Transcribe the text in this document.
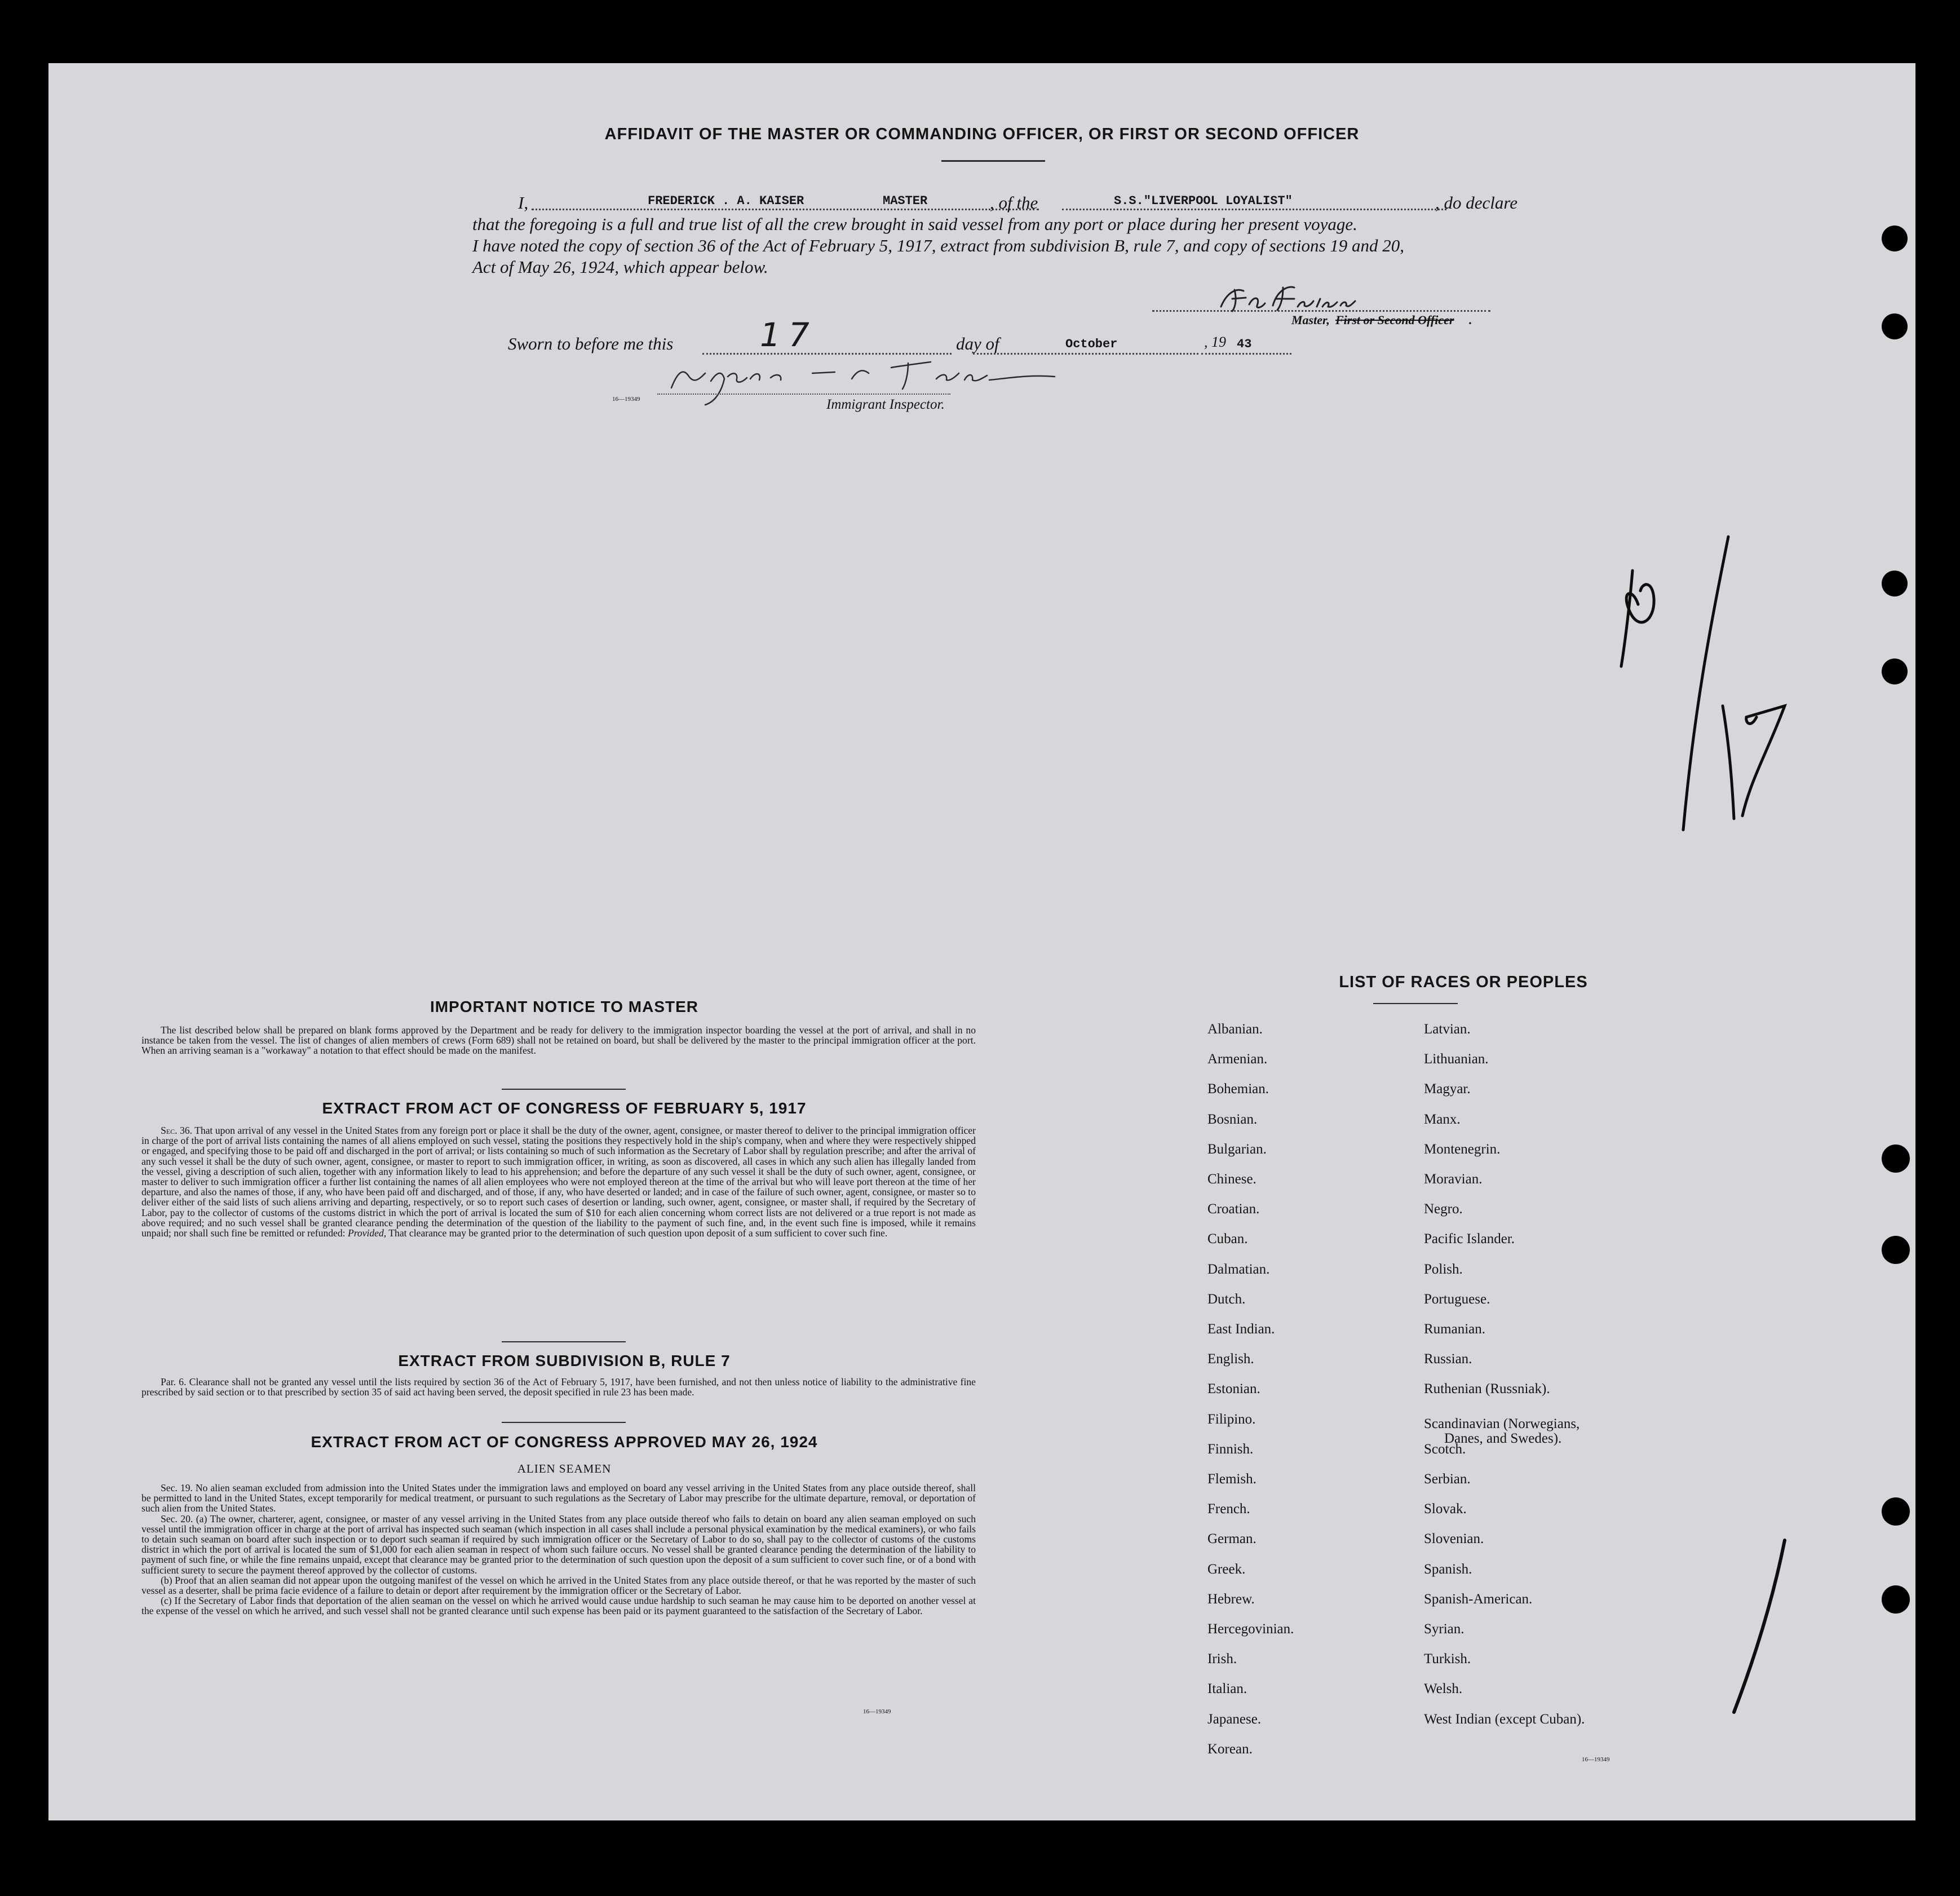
AFFIDAVIT OF THE MASTER OR COMMANDING OFFICER, OR FIRST OR SECOND OFFICER
I,	FREDERICK . A. KAISER	MASTER	, of the	S.S."LIVERPOOL LOYALIST"	, do declare
that the foregoing is a full and true list of all the crew brought in said vessel from any port or place during her present voyage.
I have noted the copy of section 36 of the Act of February 5, 1917, extract from subdivision B, rule 7, and copy of sections 19 and 20,
Act of May 26, 1924, which appear below.
Master, First or Second Officer .
Sworn to before me this	17	day of	October	, 19 43
16—19349	Immigrant Inspector.
IMPORTANT NOTICE TO MASTER

The list described below shall be prepared on blank forms approved by the Department and be ready for delivery to the immigration inspector boarding the vessel at the port of arrival, and shall in no instance be taken from the vessel. The list of changes of alien members of crews (Form 689) shall not be retained on board, but shall be delivered by the master to the principal immigration officer at the port. When an arriving seaman is a "workaway" a notation to that effect should be made on the manifest.

EXTRACT FROM ACT OF CONGRESS OF FEBRUARY 5, 1917

Sec. 36. That upon arrival of any vessel in the United States from any foreign port or place it shall be the duty of the owner, agent, consignee, or master thereof to deliver to the principal immigration officer in charge of the port of arrival lists containing the names of all aliens employed on such vessel, stating the positions they respectively hold in the ship's company, when and where they were respectively shipped or engaged, and specifying those to be paid off and discharged in the port of arrival; or lists containing so much of such information as the Secretary of Labor shall by regulation prescribe; and after the arrival of any such vessel it shall be the duty of such owner, agent, consignee, or master to report to such immigration officer, in writing, as soon as discovered, all cases in which any such alien has illegally landed from the vessel, giving a description of such alien, together with any information likely to lead to his apprehension; and before the departure of any such vessel it shall be the duty of such owner, agent, consignee, or master to deliver to such immigration officer a further list containing the names of all alien employees who were not employed thereon at the time of the arrival but who will leave port thereon at the time of her departure, and also the names of those, if any, who have been paid off and discharged, and of those, if any, who have deserted or landed; and in case of the failure of such owner, agent, consignee, or master so to deliver either of the said lists of such aliens arriving and departing, respectively, or so to report such cases of desertion or landing, such owner, agent, consignee, or master shall, if required by the Secretary of Labor, pay to the collector of customs of the customs district in which the port of arrival is located the sum of $10 for each alien concerning whom correct lists are not delivered or a true report is not made as above required; and no such vessel shall be granted clearance pending the determination of the question of the liability to the payment of such fine, and, in the event such fine is imposed, while it remains unpaid; nor shall such fine be remitted or refunded: Provided, That clearance may be granted prior to the determination of such question upon deposit of a sum sufficient to cover such fine.

EXTRACT FROM SUBDIVISION B, RULE 7

Par. 6. Clearance shall not be granted any vessel until the lists required by section 36 of the Act of February 5, 1917, have been furnished, and not then unless notice of liability to the administrative fine prescribed by said section or to that prescribed by section 35 of said act having been served, the deposit specified in rule 23 has been made.

EXTRACT FROM ACT OF CONGRESS APPROVED MAY 26, 1924
ALIEN SEAMEN

Sec. 19. No alien seaman excluded from admission into the United States under the immigration laws and employed on board any vessel arriving in the United States from any place outside thereof, shall be permitted to land in the United States, except temporarily for medical treatment, or pursuant to such regulations as the Secretary of Labor may prescribe for the ultimate departure, removal, or deportation of such alien from the United States.

Sec. 20. (a) The owner, charterer, agent, consignee, or master of any vessel arriving in the United States from any place outside thereof who fails to detain on board any alien seaman employed on such vessel until the immigration officer in charge at the port of arrival has inspected such seaman (which inspection in all cases shall include a personal physical examination by the medical examiners), or who fails to detain such seaman on board after such inspection or to deport such seaman if required by such immigration officer or the Secretary of Labor to do so, shall pay to the collector of customs of the customs district in which the port of arrival is located the sum of $1,000 for each alien seaman in respect of whom such failure occurs. No vessel shall be granted clearance pending the determination of the liability to payment of such fine, or while the fine remains unpaid, except that clearance may be granted prior to the determination of such question upon the deposit of a sum sufficient to cover such fine, or of a bond with sufficient surety to secure the payment thereof approved by the collector of customs.

(b) Proof that an alien seaman did not appear upon the outgoing manifest of the vessel on which he arrived in the United States from any place outside thereof, or that he was reported by the master of such vessel as a deserter, shall be prima facie evidence of a failure to detain or deport after requirement by the immigration officer or the Secretary of Labor.

(c) If the Secretary of Labor finds that deportation of the alien seaman on the vessel on which he arrived would cause undue hardship to such seaman he may cause him to be deported on another vessel at the expense of the vessel on which he arrived, and such vessel shall not be granted clearance until such expense has been paid or its payment guaranteed to the satisfaction of the Secretary of Labor.

16—19349
LIST OF RACES OR PEOPLES
16—19349
Albanian.
Armenian.
Bohemian.
Bosnian.
Bulgarian.
Chinese.
Croatian.
Cuban.
Dalmatian.
Dutch.
East Indian.
English.
Estonian.
Filipino.
Finnish.
Flemish.
French.
German.
Greek.
Hebrew.
Hercegovinian.
Irish.
Italian.
Japanese.
Korean.
Latvian.
Lithuanian.
Magyar.
Manx.
Montenegrin.
Moravian.
Negro.
Pacific Islander.
Polish.
Portuguese.
Rumanian.
Russian.
Ruthenian (Russniak).
Scandinavian (Norwegians,
Danes, and Swedes).
Scotch.
Serbian.
Slovak.
Slovenian.
Spanish.
Spanish-American.
Syrian.
Turkish.
Welsh.
West Indian (except Cuban).
